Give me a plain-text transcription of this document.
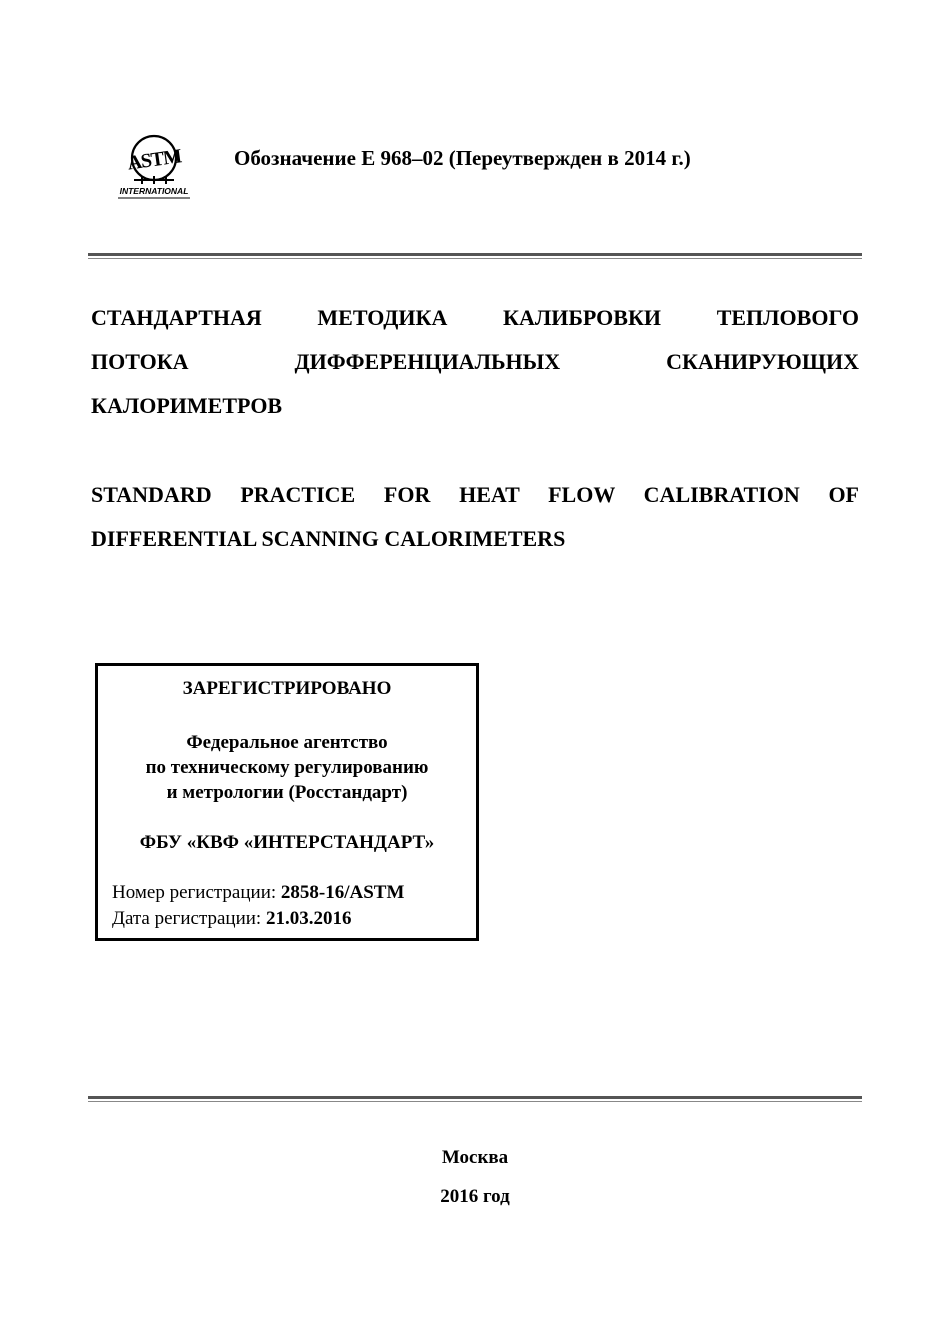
ASTM
INTERNATIONAL
Обозначение E 968–02 (Переутвержден в 2014 г.)
СТАНДАРТНАЯ МЕТОДИКА КАЛИБРОВКИ ТЕПЛОВОГО
ПОТОКА ДИФФЕРЕНЦИАЛЬНЫХ СКАНИРУЮЩИХ
КАЛОРИМЕТРОВ
STANDARD PRACTICE FOR HEAT FLOW CALIBRATION OF
DIFFERENTIAL SCANNING CALORIMETERS
ЗАРЕГИСТРИРОВАНО
Федеральное агентство
по техническому регулированию
и метрологии (Росстандарт)
ФБУ «КВФ «ИНТЕРСТАНДАРТ»
Номер регистрации: 2858-16/ASTM
Дата регистрации: 21.03.2016
Москва
2016 год
